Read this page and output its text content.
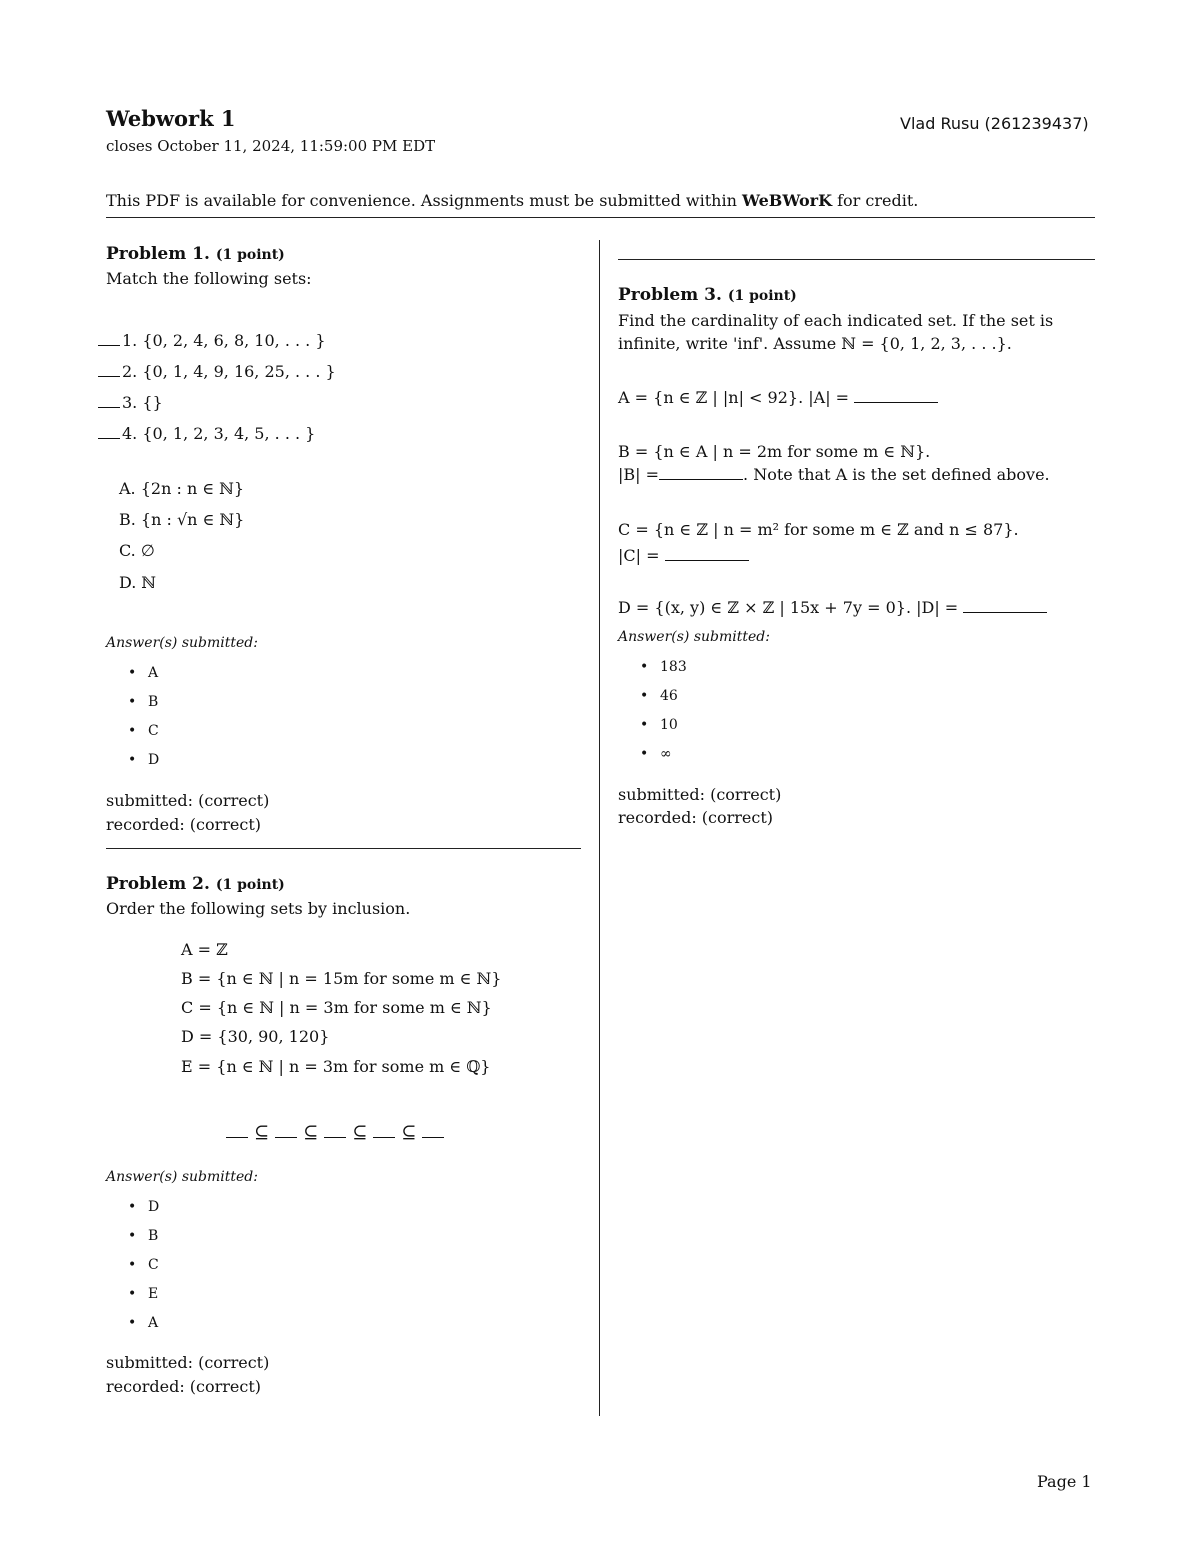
Webwork 1
closes October 11, 2024, 11:59:00 PM EDT
Vlad Rusu (261239437)
This PDF is available for convenience. Assignments must be submitted within WeBWorK for credit.
Problem 1. (1 point)
Match the following sets:
1. {0, 2, 4, 6, 8, 10, . . . }
2. {0, 1, 4, 9, 16, 25, . . . }
3. {}
4. {0, 1, 2, 3, 4, 5, . . . }
A. {2n : n ∈ ℕ}
B. {n : √n ∈ ℕ}
C. ∅
D. ℕ
Answer(s) submitted:
• A
• B
• C
• D
submitted: (correct)
recorded: (correct)
Problem 2. (1 point)
Order the following sets by inclusion.
A = ℤ
B = {n ∈ ℕ | n = 15m for some m ∈ ℕ}
C = {n ∈ ℕ | n = 3m for some m ∈ ℕ}
D = {30, 90, 120}
E = {n ∈ ℕ | n = 3m for some m ∈ ℚ}
⊆ ⊆ ⊆ ⊆
Answer(s) submitted:
• D
• B
• C
• E
• A
submitted: (correct)
recorded: (correct)
Problem 3. (1 point)
Find the cardinality of each indicated set. If the set is
infinite, write 'inf'. Assume ℕ = {0, 1, 2, 3, . . .}.
A = {n ∈ ℤ | |n| < 92}. |A| =
B = {n ∈ A | n = 2m for some m ∈ ℕ}.
|B| =	. Note that A is the set defined above.
C = {n ∈ ℤ | n = m² for some m ∈ ℤ and n ≤ 87}.
|C| =
D = {(x, y) ∈ ℤ × ℤ | 15x + 7y = 0}. |D| =
Answer(s) submitted:
• 183
• 46
• 10
• ∞
submitted: (correct)
recorded: (correct)
Page 1
